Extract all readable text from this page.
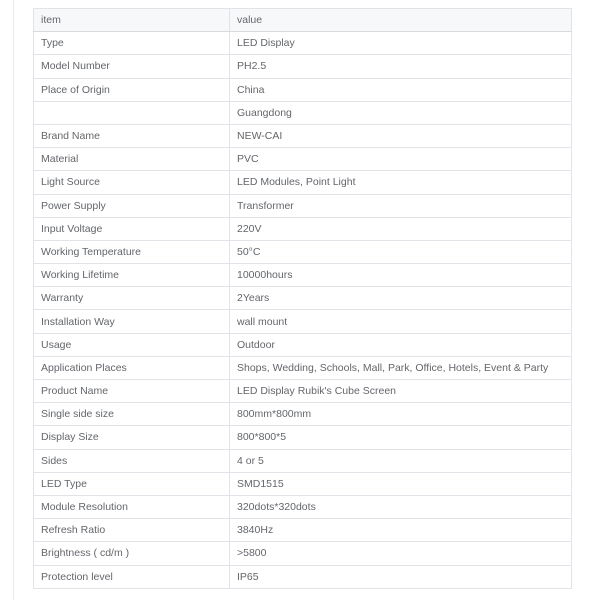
item	value
Type	LED Display
Model Number	PH2.5
Place of Origin	China
	Guangdong
Brand Name	NEW-CAI
Material	PVC
Light Source	LED Modules, Point Light
Power Supply	Transformer
Input Voltage	220V
Working Temperature	50°C
Working Lifetime	10000hours
Warranty	2Years
Installation Way	wall mount
Usage	Outdoor
Application Places	Shops, Wedding, Schools, Mall, Park, Office, Hotels, Event & Party
Product Name	LED Display Rubik's Cube Screen
Single side size	800mm*800mm
Display Size	800*800*5
Sides	4 or 5
LED Type	SMD1515
Module Resolution	320dots*320dots
Refresh Ratio	3840Hz
Brightness ( cd/m )	>5800
Protection level	IP65
